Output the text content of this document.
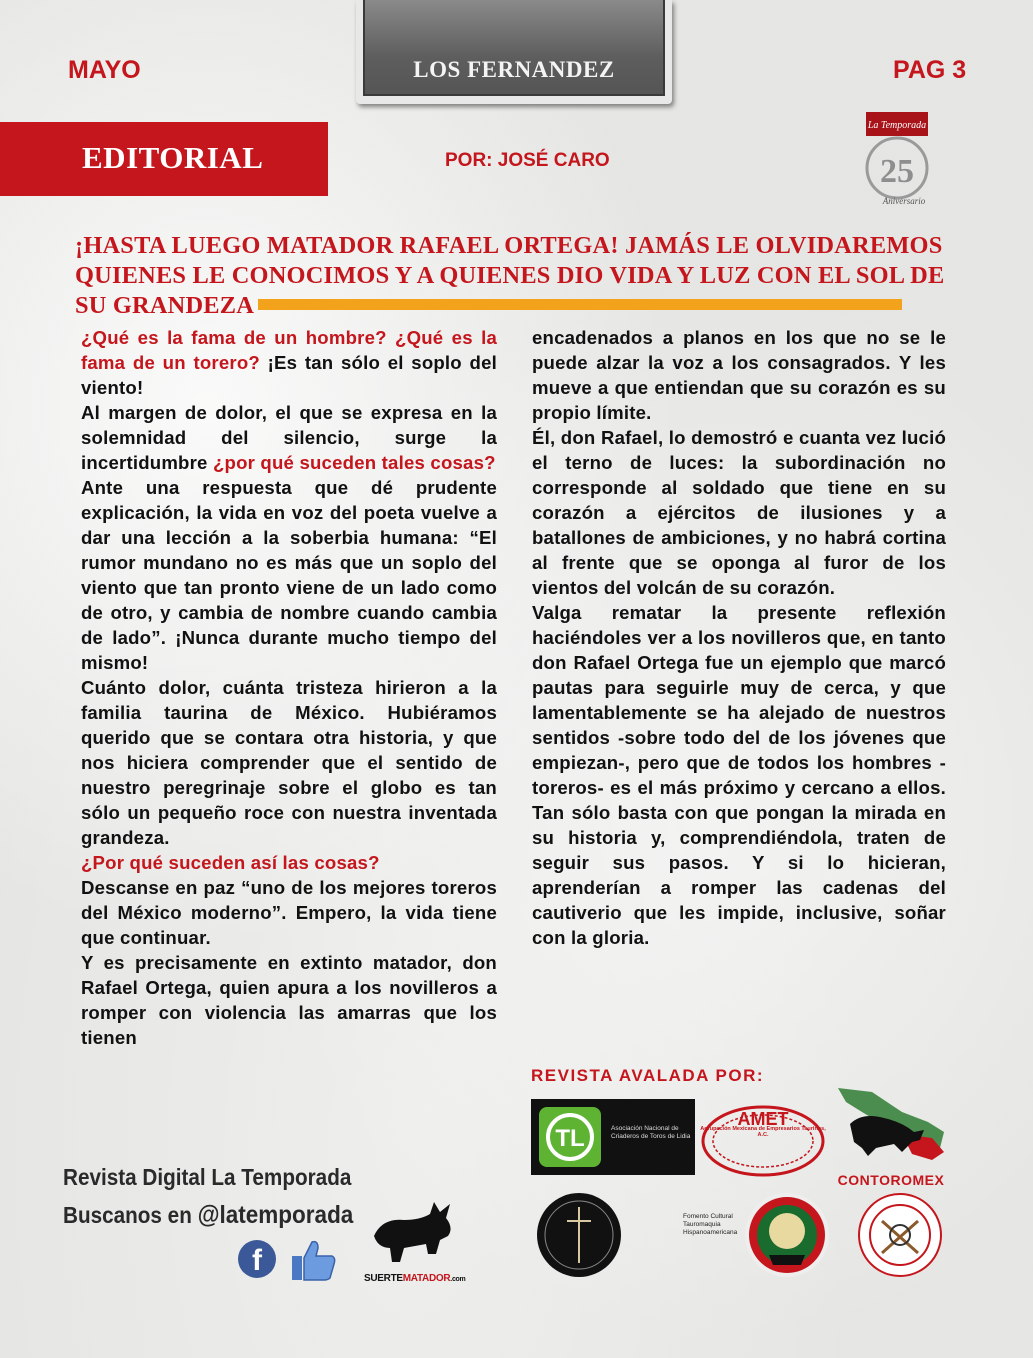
MAYO	LOS FERNANDEZ	PAG 3
EDITORIAL	POR: JOSÉ CARO
La Temporada
25
Aniversario
¡HASTA LUEGO MATADOR RAFAEL ORTEGA! JAMÁS LE OLVIDAREMOS QUIENES LE CONOCIMOS Y A QUIENES DIO VIDA Y LUZ CON EL SOL DE SU GRANDEZA

¿Qué es la fama de un hombre? ¿Qué es la fama de un torero? ¡Es tan sólo el soplo del viento!

Al margen de dolor, el que se expresa en la solemnidad del silencio, surge la incertidumbre ¿por qué suceden tales cosas?

Ante una respuesta que dé prudente explicación, la vida en voz del poeta vuelve a dar una lección a la soberbia humana: “El rumor mundano no es más que un soplo del viento que tan pronto viene de un lado como de otro, y cambia de nombre cuando cambia de lado”. ¡Nunca durante mucho tiempo del mismo!

Cuánto dolor, cuánta tristeza hirieron a la familia taurina de México. Hubiéramos querido que se contara otra historia, y que nos hiciera comprender que el sentido de nuestro peregrinaje sobre el globo es tan sólo un pequeño roce con nuestra inventada grandeza.

¿Por qué suceden así las cosas?

Descanse en paz “uno de los mejores toreros del México moderno”. Empero, la vida tiene que continuar.

Y es precisamente en extinto matador, don Rafael Ortega, quien apura a los novilleros a romper con violencia las amarras que los tienen

encadenados a planos en los que no se le puede alzar la voz a los consagrados. Y les mueve a que entiendan que su corazón es su propio límite.

Él, don Rafael, lo demostró e cuanta vez lució el terno de luces: la subordinación no corresponde al soldado que tiene en su corazón a ejércitos de ilusiones y a batallones de ambiciones, y no habrá cortina al frente que se oponga al furor de los vientos del volcán de su corazón.

Valga rematar la presente reflexión haciéndoles ver a los novilleros que, en tanto don Rafael Ortega fue un ejemplo que marcó pautas para seguirle muy de cerca, y que lamentablemente se ha alejado de nuestros sentidos -sobre todo del de los jóvenes que empiezan-, pero que de todos los hombres -toreros- es el más próximo y cercano a ellos. Tan sólo basta con que pongan la mirada en su historia y, comprendiéndola, traten de seguir sus pasos. Y si lo hicieran, aprenderían a romper las cadenas del cautiverio que les impide, inclusive, soñar con la gloria.

REVISTA AVALADA POR:
TL	Asociación Nacional de Criaderos de Toros de Lidia
AMET
Agrupación Mexicana de Empresarios Taurinos, A.C.
CONTOROMEX
Fomento Cultural Tauromaquia Hispanoamericana
Revista Digital La Temporada
Buscanos en @latemporada
f
SUERTEMATADOR.com
